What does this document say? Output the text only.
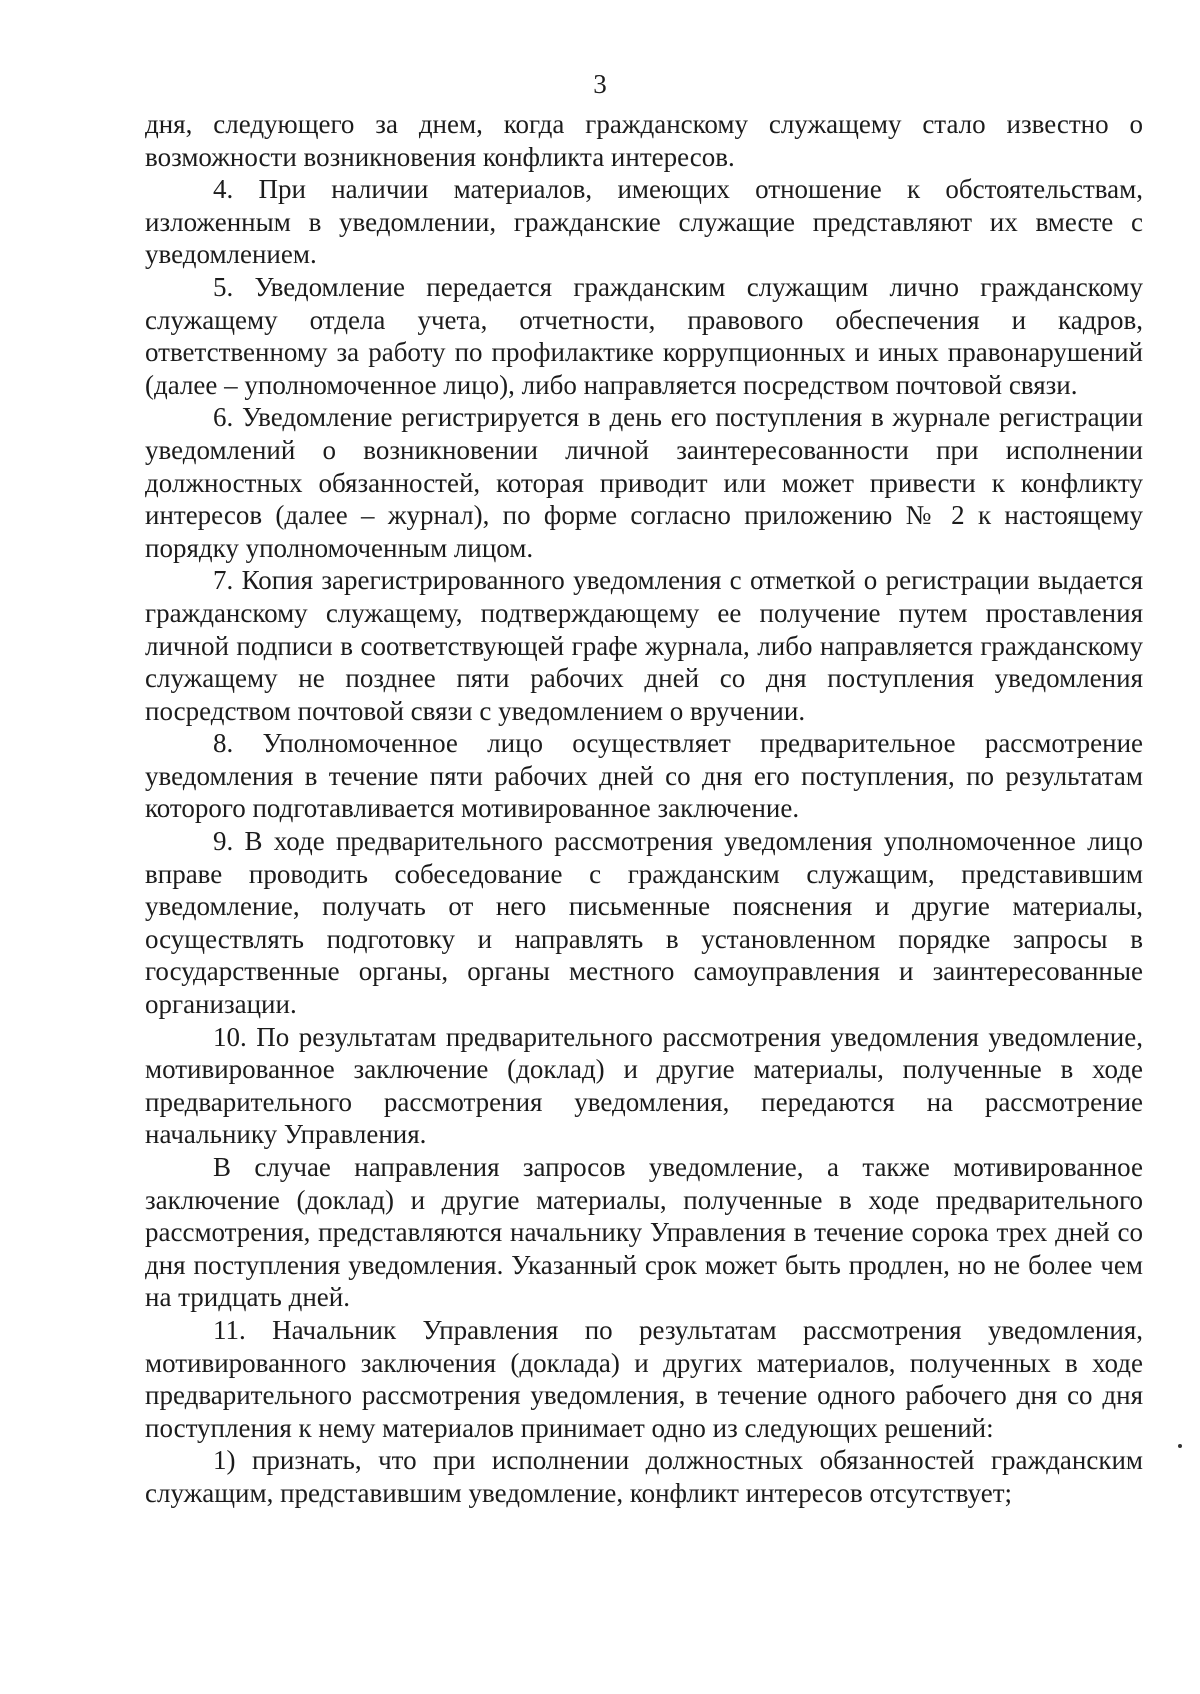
3

дня, следующего за днем, когда гражданскому служащему стало известно о возможности возникновения конфликта интересов.

4. При наличии материалов, имеющих отношение к обстоятельствам, изложенным в уведомлении, гражданские служащие представляют их вместе с уведомлением.

5. Уведомление передается гражданским служащим лично гражданскому служащему отдела учета, отчетности, правового обеспечения и кадров, ответственному за работу по профилактике коррупционных и иных правонарушений (далее – уполномоченное лицо), либо направляется посредством почтовой связи.

6. Уведомление регистрируется в день его поступления в журнале регистрации уведомлений о возникновении личной заинтересованности при исполнении должностных обязанностей, которая приводит или может привести к конфликту интересов (далее – журнал), по форме согласно приложению № 2 к настоящему порядку уполномоченным лицом.

7. Копия зарегистрированного уведомления с отметкой о регистрации выдается гражданскому служащему, подтверждающему ее получение путем проставления личной подписи в соответствующей графе журнала, либо направляется гражданскому служащему не позднее пяти рабочих дней со дня поступления уведомления посредством почтовой связи с уведомлением о вручении.

8. Уполномоченное лицо осуществляет предварительное рассмотрение уведомления в течение пяти рабочих дней со дня его поступления, по результатам которого подготавливается мотивированное заключение.

9. В ходе предварительного рассмотрения уведомления уполномоченное лицо вправе проводить собеседование с гражданским служащим, представившим уведомление, получать от него письменные пояснения и другие материалы, осуществлять подготовку и направлять в установленном порядке запросы в государственные органы, органы местного самоуправления и заинтересованные организации.

10. По результатам предварительного рассмотрения уведомления уведомление, мотивированное заключение (доклад) и другие материалы, полученные в ходе предварительного рассмотрения уведомления, передаются на рассмотрение начальнику Управления.

В случае направления запросов уведомление, а также мотивированное заключение (доклад) и другие материалы, полученные в ходе предварительного рассмотрения, представляются начальнику Управления в течение сорока трех дней со дня поступления уведомления. Указанный срок может быть продлен, но не более чем на тридцать дней.

11. Начальник Управления по результатам рассмотрения уведомления, мотивированного заключения (доклада) и других материалов, полученных в ходе предварительного рассмотрения уведомления, в течение одного рабочего дня со дня поступления к нему материалов принимает одно из следующих решений:

1) признать, что при исполнении должностных обязанностей гражданским служащим, представившим уведомление, конфликт интересов отсутствует;
